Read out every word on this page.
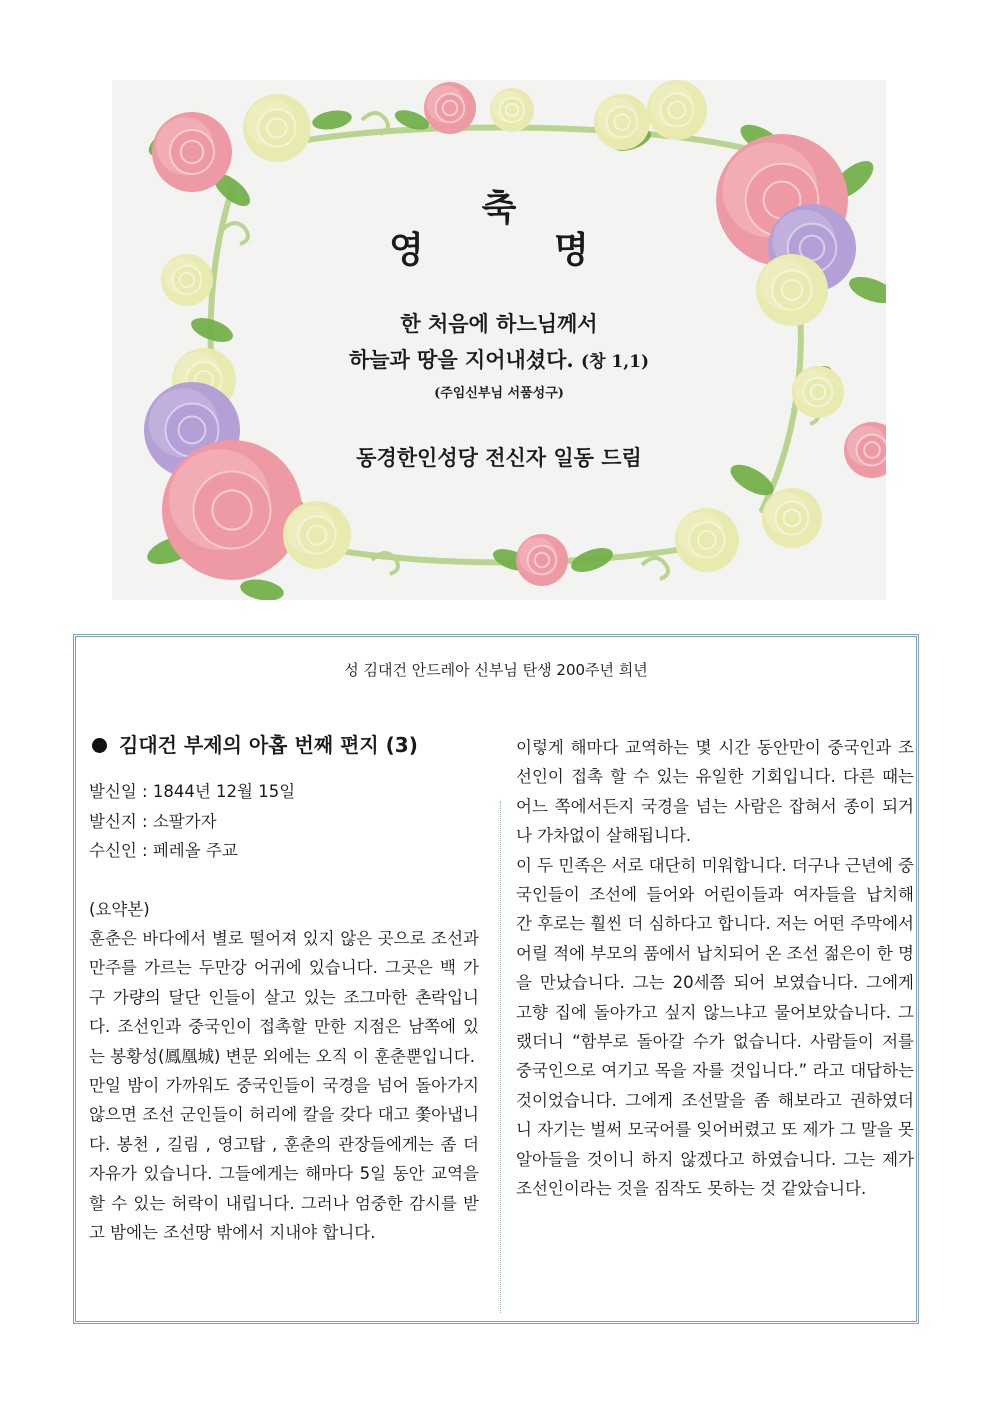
축
영	명
한 처음에 하느님께서
하늘과 땅을 지어내셨다. (창 1,1)
(주임신부님 서품성구)
동경한인성당 전신자 일동 드림
성 김대건 안드레아 신부님 탄생 200주년 희년
김대건 부제의 아홉 번째 편지 (3)

발신일 : 1844년 12월 15일

발신지 : 소팔가자

수신인 : 페레올 주교

(요약본)

훈춘은 바다에서 별로 떨어져 있지 않은 곳으로 조선과 만주를 가르는 두만강 어귀에 있습니다. 그곳은 백 가구 가량의 달단 인들이 살고 있는 조그마한 촌락입니다. 조선인과 중국인이 접촉할 만한 지점은 남쪽에 있는 봉황성(鳳凰城) 변문 외에는 오직 이 훈춘뿐입니다.

만일 밤이 가까워도 중국인들이 국경을 넘어 돌아가지 않으면 조선 군인들이 허리에 칼을 갖다 대고 쫓아냅니다. 봉천 , 길림 , 영고탑 , 훈춘의 관장들에게는 좀 더 자유가 있습니다. 그들에게는 해마다 5일 동안 교역을 할 수 있는 허락이 내립니다. 그러나 엄중한 감시를 받고 밤에는 조선땅 밖에서 지내야 합니다.

이렇게 해마다 교역하는 몇 시간 동안만이 중국인과 조선인이 접촉 할 수 있는 유일한 기회입니다. 다른 때는 어느 쪽에서든지 국경을 넘는 사람은 잡혀서 종이 되거나 가차없이 살해됩니다.

이 두 민족은 서로 대단히 미워합니다. 더구나 근년에 중국인들이 조선에 들어와 어린이들과 여자들을 납치해 간 후로는 훨씬 더 심하다고 합니다. 저는 어떤 주막에서 어릴 적에 부모의 품에서 납치되어 온 조선 젊은이 한 명을 만났습니다. 그는 20세쯤 되어 보였습니다. 그에게 고향 집에 돌아가고 싶지 않느냐고 물어보았습니다. 그랬더니 “함부로 돌아갈 수가 없습니다. 사람들이 저를 중국인으로 여기고 목을 자를 것입니다.” 라고 대답하는 것이었습니다. 그에게 조선말을 좀 해보라고 권하였더니 자기는 벌써 모국어를 잊어버렸고 또 제가 그 말을 못 알아들을 것이니 하지 않겠다고 하였습니다. 그는 제가 조선인이라는 것을 짐작도 못하는 것 같았습니다.
